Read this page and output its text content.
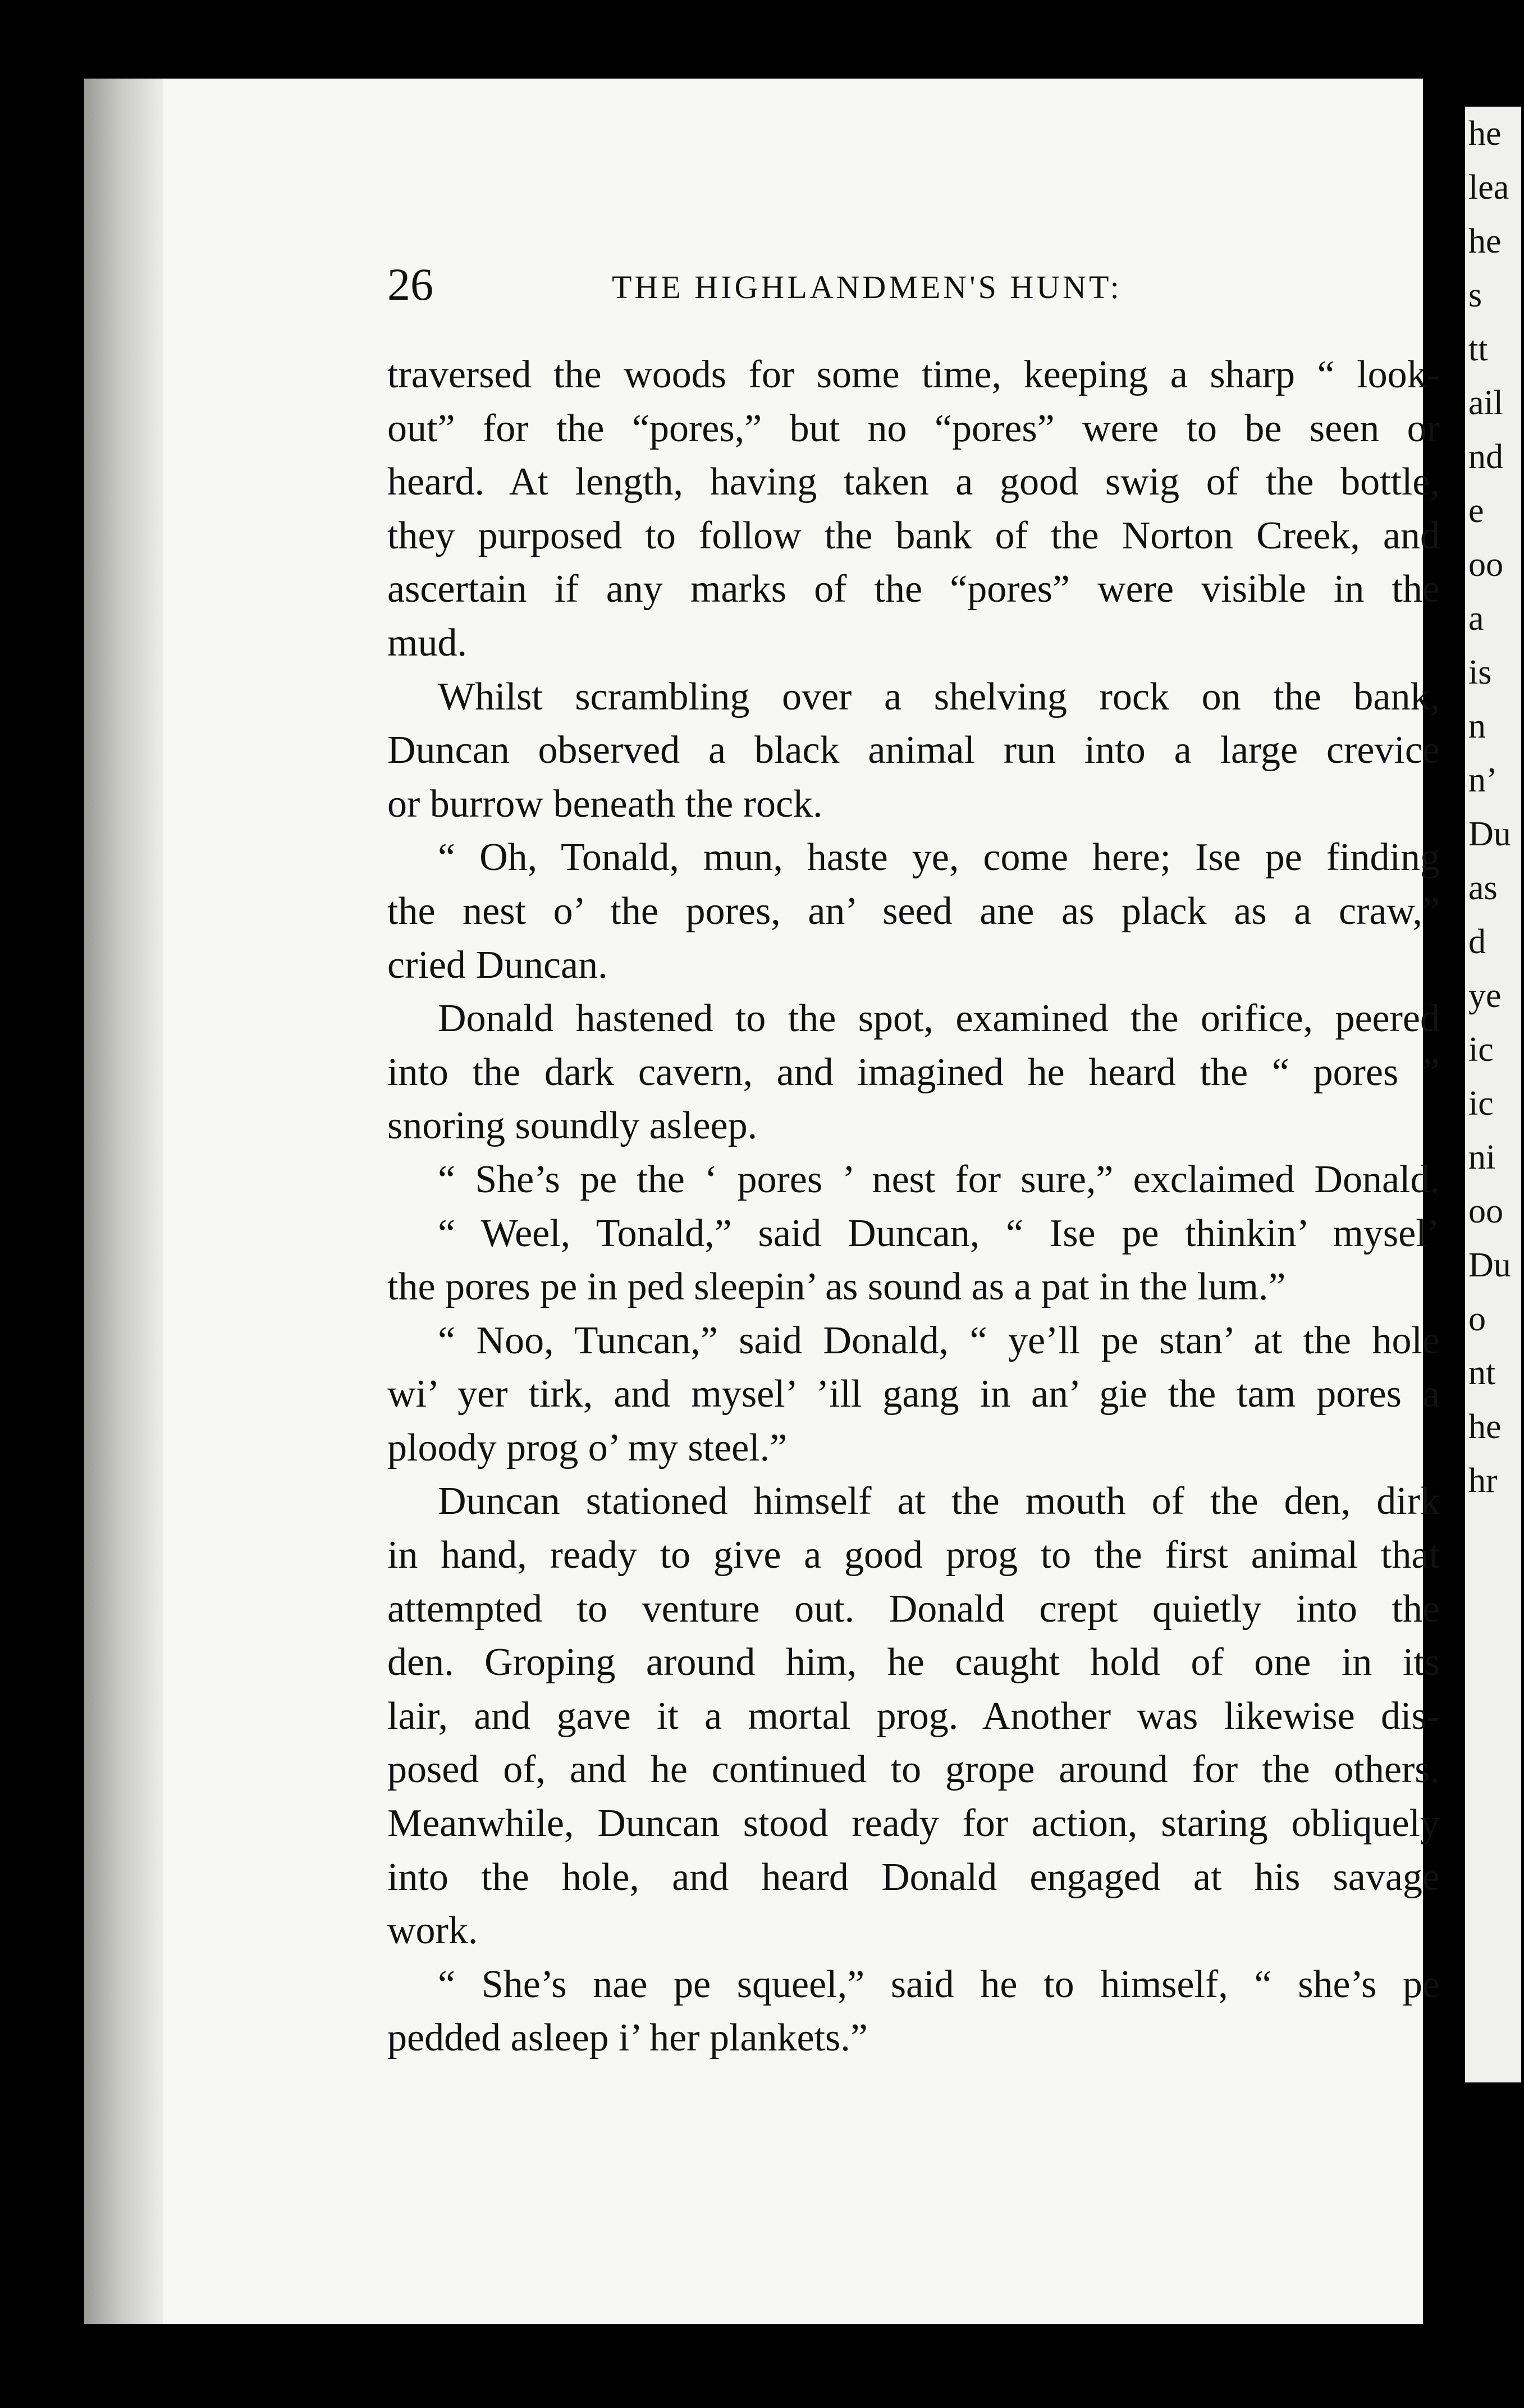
he
lea
he
s
tt
ail
nd
e
oo
a
is
n
n’
Du
as
d
ye
ic
ic
ni
oo
Du
o
nt
he
hr
26	THE HIGHLANDMEN'S HUNT:
traversed the woods for some time, keeping a sharp “ look-
out” for the “pores,” but no “pores” were to be seen or
heard. At length, having taken a good swig of the bottle,
they purposed to follow the bank of the Norton Creek, and
ascertain if any marks of the “pores” were visible in the
mud.
Whilst scrambling over a shelving rock on the bank,
Duncan observed a black animal run into a large crevice
or burrow beneath the rock.
“ Oh, Tonald, mun, haste ye, come here; Ise pe finding
the nest o’ the pores, an’ seed ane as plack as a craw,”
cried Duncan.
Donald hastened to the spot, examined the orifice, peered
into the dark cavern, and imagined he heard the “ pores ”
snoring soundly asleep.
“ She’s pe the ‘ pores ’ nest for sure,” exclaimed Donald.
“ Weel, Tonald,” said Duncan, “ Ise pe thinkin’ mysel’
the pores pe in ped sleepin’ as sound as a pat in the lum.”
“ Noo, Tuncan,” said Donald, “ ye’ll pe stan’ at the hole
wi’ yer tirk, and mysel’ ’ill gang in an’ gie the tam pores a
ploody prog o’ my steel.”
Duncan stationed himself at the mouth of the den, dirk
in hand, ready to give a good prog to the first animal that
attempted to venture out. Donald crept quietly into the
den. Groping around him, he caught hold of one in its
lair, and gave it a mortal prog. Another was likewise dis-
posed of, and he continued to grope around for the others.
Meanwhile, Duncan stood ready for action, staring obliquely
into the hole, and heard Donald engaged at his savage
work.
“ She’s nae pe squeel,” said he to himself, “ she’s pe
pedded asleep i’ her plankets.”
